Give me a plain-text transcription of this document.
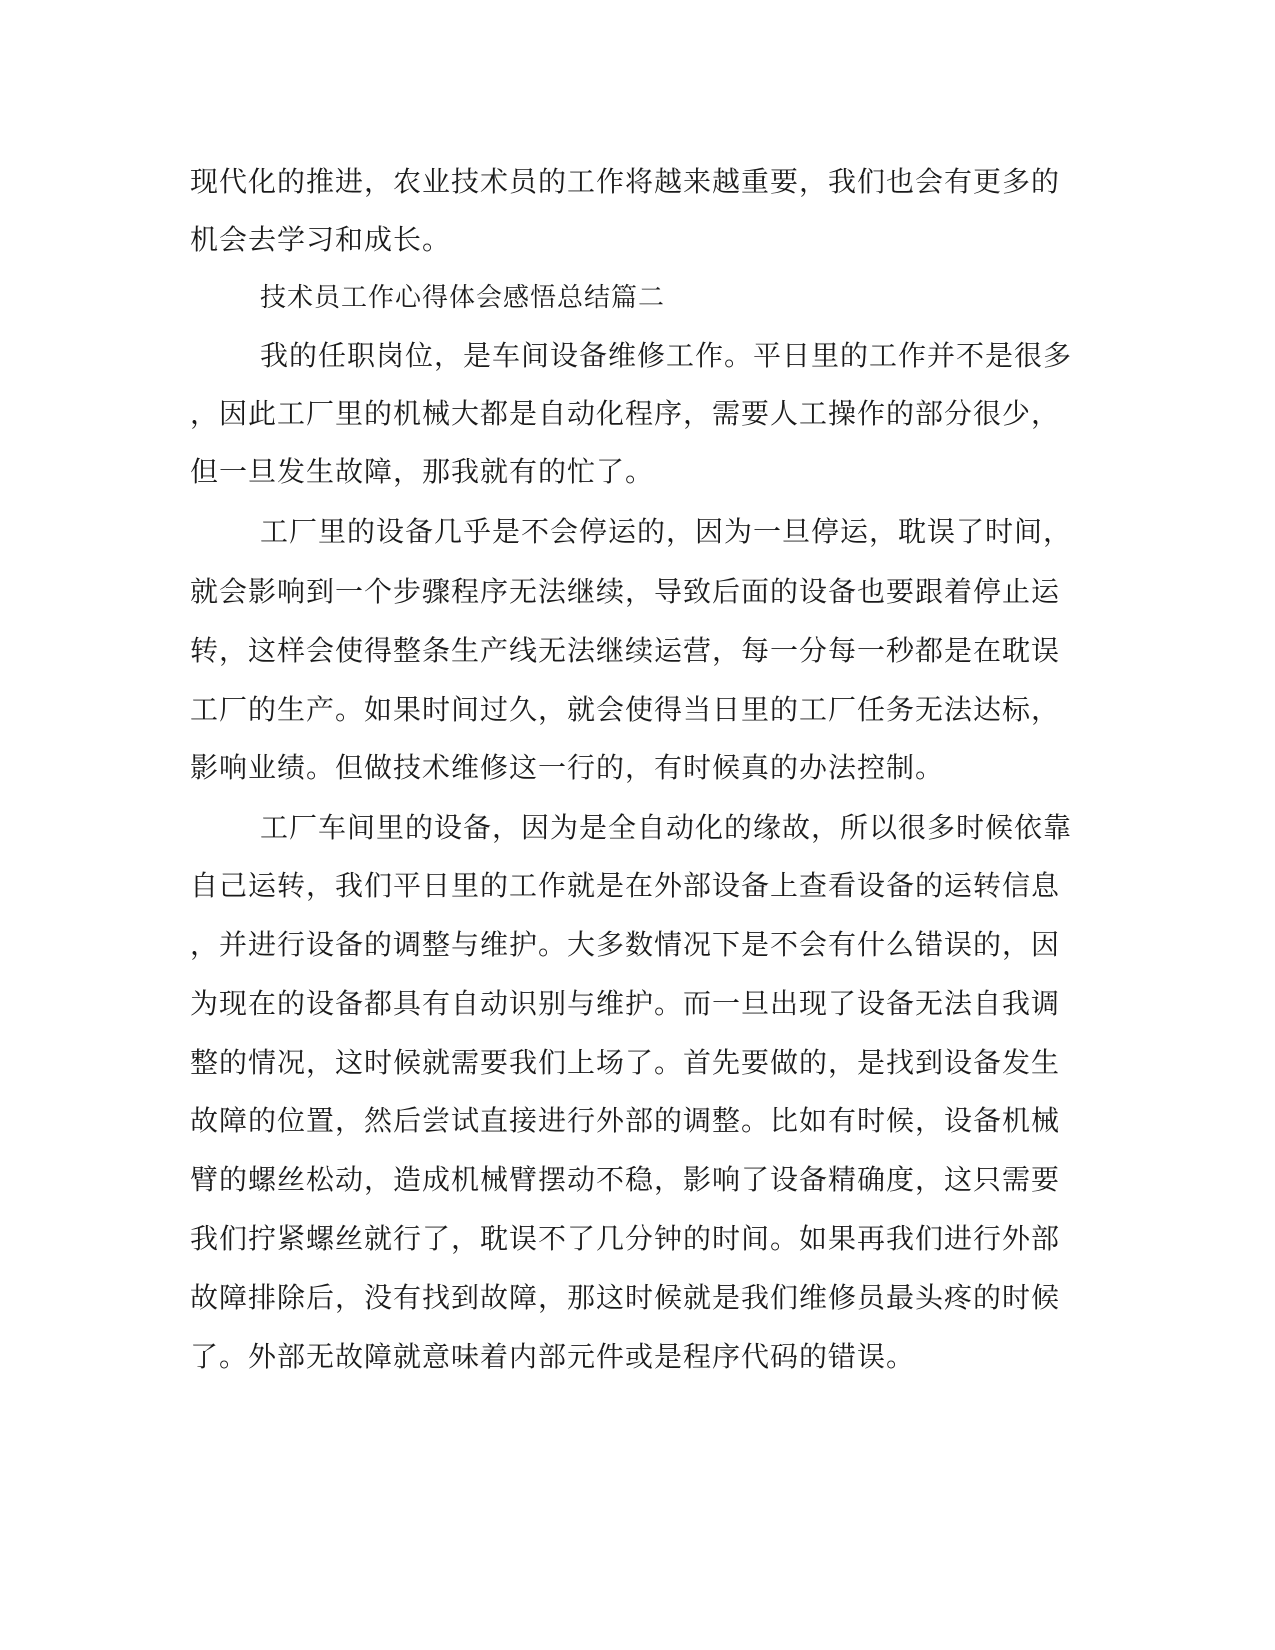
现代化的推进，农业技术员的工作将越来越重要，我们也会有更多的
机会去学习和成长。
技术员工作心得体会感悟总结篇二
我的任职岗位，是车间设备维修工作。平日里的工作并不是很多
，因此工厂里的机械大都是自动化程序，需要人工操作的部分很少，
但一旦发生故障，那我就有的忙了。
工厂里的设备几乎是不会停运的，因为一旦停运，耽误了时间，
就会影响到一个步骤程序无法继续，导致后面的设备也要跟着停止运
转，这样会使得整条生产线无法继续运营，每一分每一秒都是在耽误
工厂的生产。如果时间过久，就会使得当日里的工厂任务无法达标，
影响业绩。但做技术维修这一行的，有时候真的办法控制。
工厂车间里的设备，因为是全自动化的缘故，所以很多时候依靠
自己运转，我们平日里的工作就是在外部设备上查看设备的运转信息
，并进行设备的调整与维护。大多数情况下是不会有什么错误的，因
为现在的设备都具有自动识别与维护。而一旦出现了设备无法自我调
整的情况，这时候就需要我们上场了。首先要做的，是找到设备发生
故障的位置，然后尝试直接进行外部的调整。比如有时候，设备机械
臂的螺丝松动，造成机械臂摆动不稳，影响了设备精确度，这只需要
我们拧紧螺丝就行了，耽误不了几分钟的时间。如果再我们进行外部
故障排除后，没有找到故障，那这时候就是我们维修员最头疼的时候
了。外部无故障就意味着内部元件或是程序代码的错误。
